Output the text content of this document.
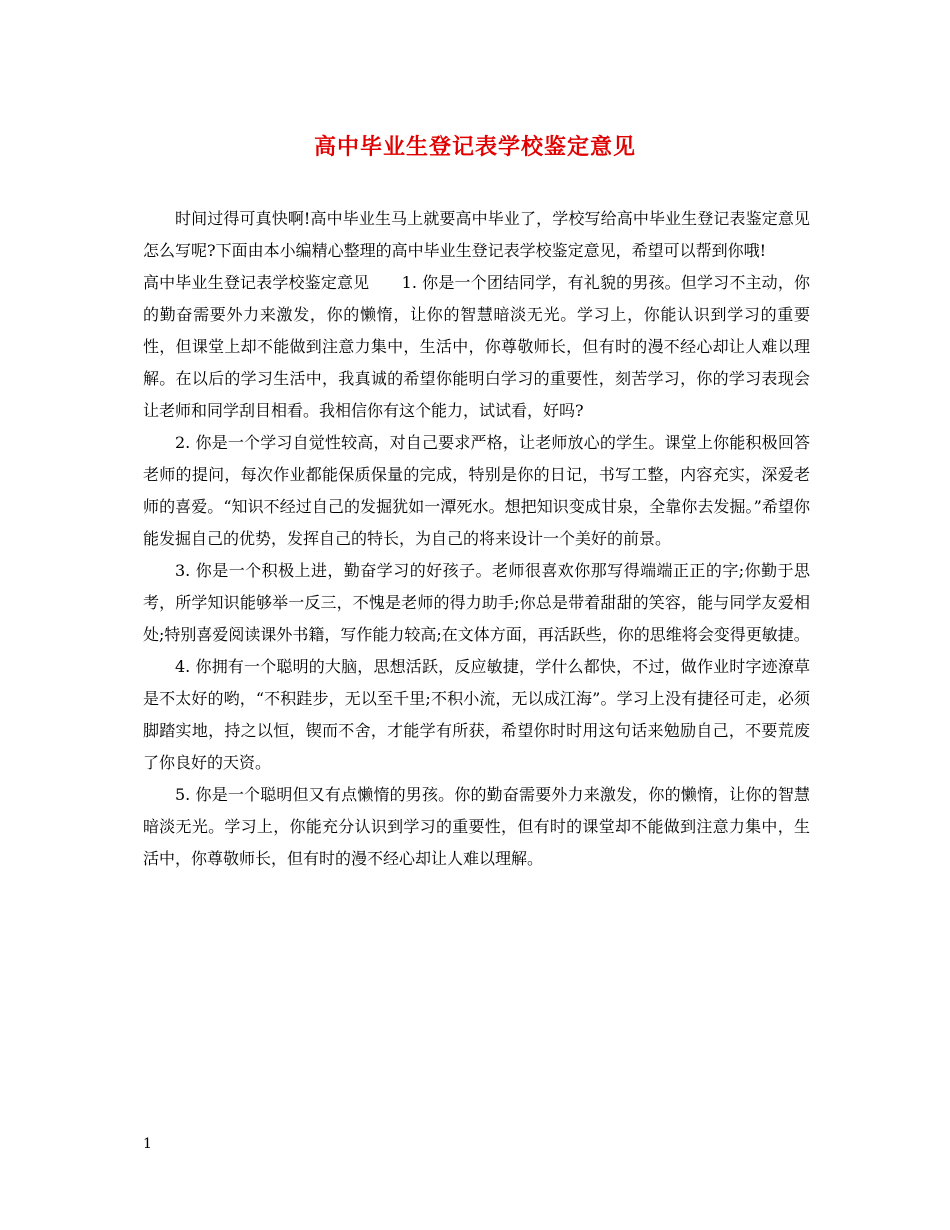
高中毕业生登记表学校鉴定意见

时间过得可真快啊!高中毕业生马上就要高中毕业了，学校写给高中毕业生登记表鉴定意见怎么写呢?下面由本小编精心整理的高中毕业生登记表学校鉴定意见，希望可以帮到你哦!

高中毕业生登记表学校鉴定意见　　1. 你是一个团结同学，有礼貌的男孩。但学习不主动，你的勤奋需要外力来激发，你的懒惰，让你的智慧暗淡无光。学习上，你能认识到学习的重要性，但课堂上却不能做到注意力集中，生活中，你尊敬师长，但有时的漫不经心却让人难以理解。在以后的学习生活中，我真诚的希望你能明白学习的重要性，刻苦学习，你的学习表现会让老师和同学刮目相看。我相信你有这个能力，试试看，好吗?

2. 你是一个学习自觉性较高，对自己要求严格，让老师放心的学生。课堂上你能积极回答老师的提问，每次作业都能保质保量的完成，特别是你的日记，书写工整，内容充实，深爱老师的喜爱。“知识不经过自己的发掘犹如一潭死水。想把知识变成甘泉，全靠你去发掘。”希望你能发掘自己的优势，发挥自己的特长，为自己的将来设计一个美好的前景。

3. 你是一个积极上进，勤奋学习的好孩子。老师很喜欢你那写得端端正正的字;你勤于思考，所学知识能够举一反三，不愧是老师的得力助手;你总是带着甜甜的笑容，能与同学友爱相处;特别喜爱阅读课外书籍，写作能力较高;在文体方面，再活跃些，你的思维将会变得更敏捷。

4. 你拥有一个聪明的大脑，思想活跃，反应敏捷，学什么都快，不过，做作业时字迹潦草是不太好的哟，“不积跬步，无以至千里;不积小流，无以成江海”。学习上没有捷径可走，必须脚踏实地，持之以恒，锲而不舍，才能学有所获，希望你时时用这句话来勉励自己，不要荒废了你良好的天资。

5. 你是一个聪明但又有点懒惰的男孩。你的勤奋需要外力来激发，你的懒惰，让你的智慧暗淡无光。学习上，你能充分认识到学习的重要性，但有时的课堂却不能做到注意力集中，生活中，你尊敬师长，但有时的漫不经心却让人难以理解。

1
